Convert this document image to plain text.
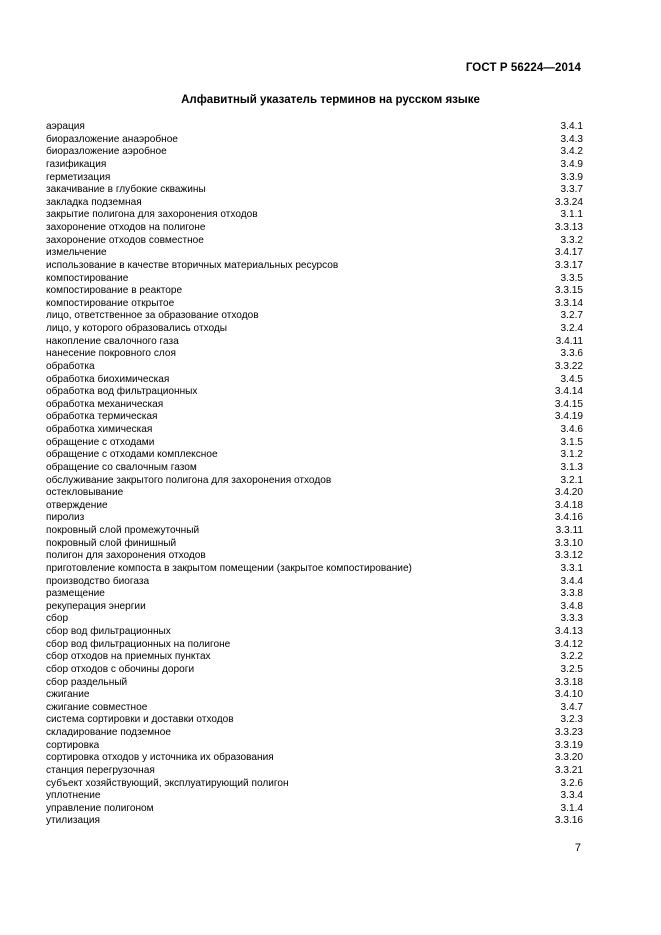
ГОСТ Р 56224—2014
Алфавитный указатель терминов на русском языке
аэрация	3.4.1
биоразложение анаэробное	3.4.3
биоразложение аэробное	3.4.2
газификация	3.4.9
герметизация	3.3.9
закачивание в глубокие скважины	3.3.7
закладка подземная	3.3.24
закрытие полигона для захоронения отходов	3.1.1
захоронение отходов на полигоне	3.3.13
захоронение отходов совместное	3.3.2
измельчение	3.4.17
использование в качестве вторичных материальных ресурсов	3.3.17
компостирование	3.3.5
компостирование в реакторе	3.3.15
компостирование открытое	3.3.14
лицо, ответственное за образование отходов	3.2.7
лицо, у которого образовались отходы	3.2.4
накопление свалочного газа	3.4.11
нанесение покровного слоя	3.3.6
обработка	3.3.22
обработка биохимическая	3.4.5
обработка вод фильтрационных	3.4.14
обработка механическая	3.4.15
обработка термическая	3.4.19
обработка химическая	3.4.6
обращение с отходами	3.1.5
обращение с отходами комплексное	3.1.2
обращение со свалочным газом	3.1.3
обслуживание закрытого полигона для захоронения отходов	3.2.1
остекловывание	3.4.20
отверждение	3.4.18
пиролиз	3.4.16
покровный слой промежуточный	3.3.11
покровный слой финишный	3.3.10
полигон для захоронения отходов	3.3.12
приготовление компоста в закрытом помещении (закрытое компостирование)	3.3.1
производство биогаза	3.4.4
размещение	3.3.8
рекуперация энергии	3.4.8
сбор	3.3.3
сбор вод фильтрационных	3.4.13
сбор вод фильтрационных на полигоне	3.4.12
сбор отходов на приемных пунктах	3.2.2
сбор отходов с обочины дороги	3.2.5
сбор раздельный	3.3.18
сжигание	3.4.10
сжигание совместное	3.4.7
система сортировки и доставки отходов	3.2.3
складирование подземное	3.3.23
сортировка	3.3.19
сортировка отходов у источника их образования	3.3.20
станция перегрузочная	3.3.21
субъект хозяйствующий, эксплуатирующий полигон	3.2.6
уплотнение	3.3.4
управление полигоном	3.1.4
утилизация	3.3.16
7
